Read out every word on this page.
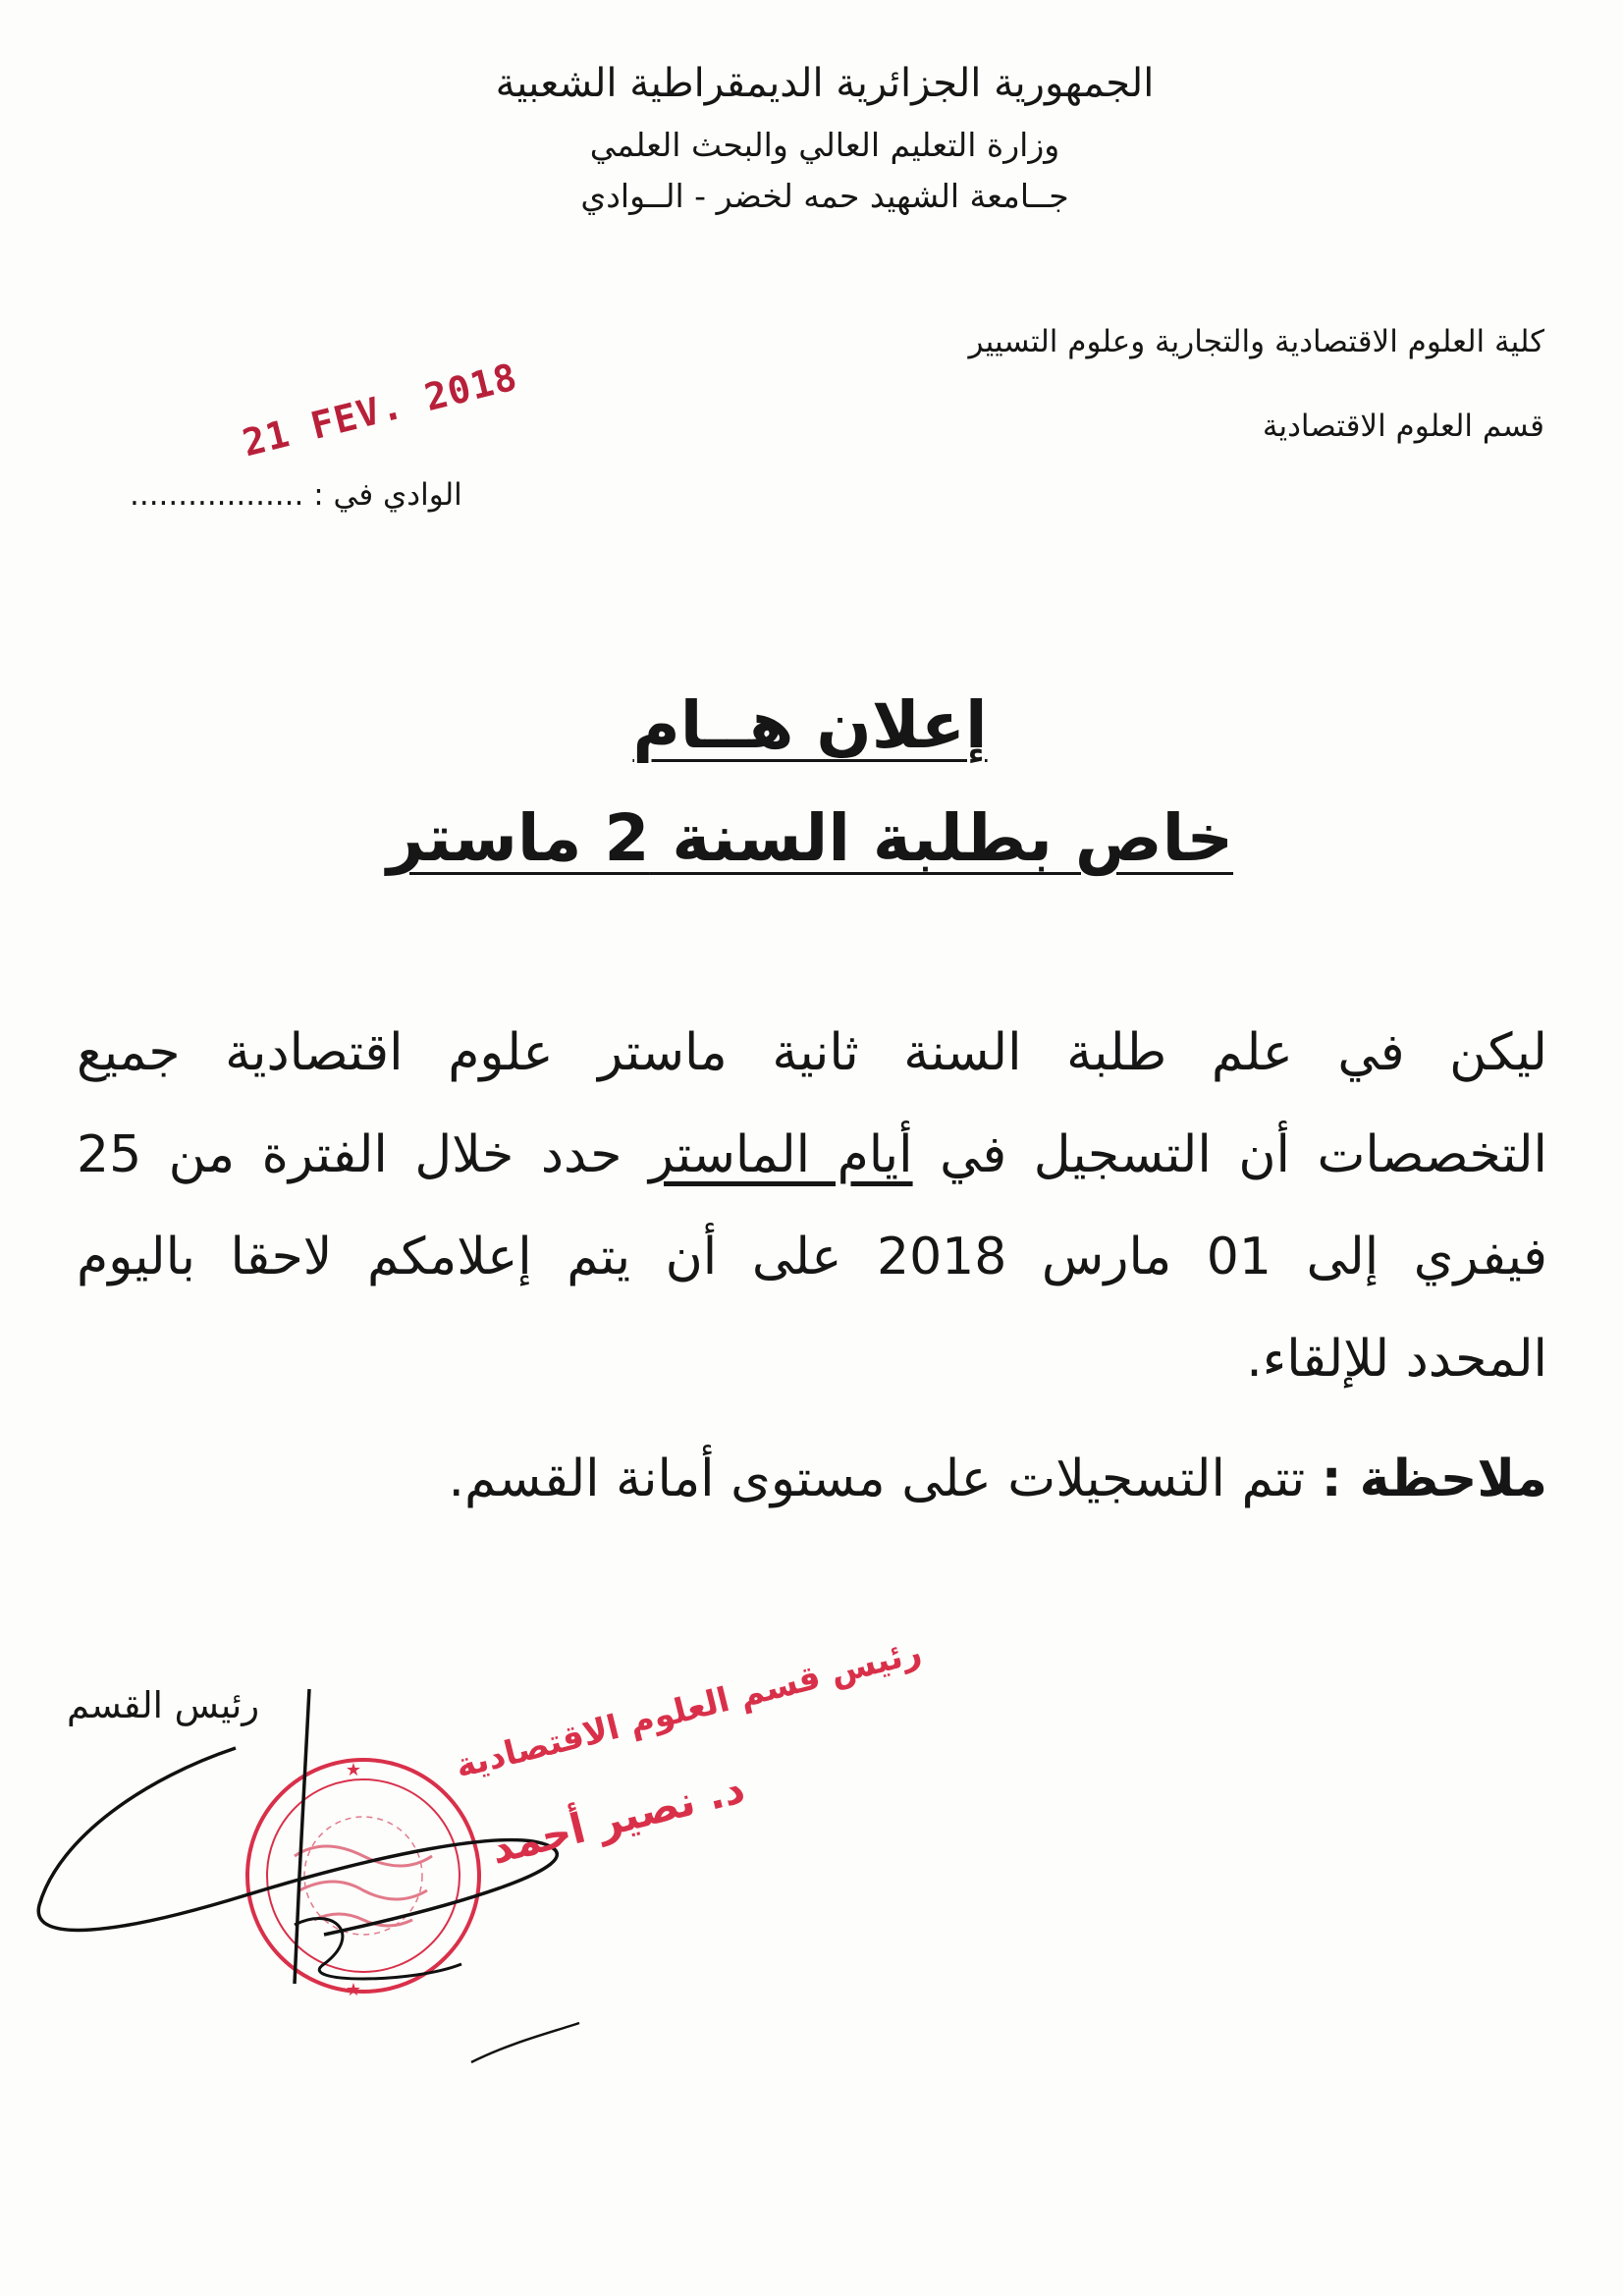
الجمهورية الجزائرية الديمقراطية الشعبية
وزارة التعليم العالي والبحث العلمي
جــامعة الشهيد حمه لخضر - الــوادي
كلية العلوم الاقتصادية والتجارية وعلوم التسيير
قسم العلوم الاقتصادية
21 FEV. 2018
الوادي في : ..................
إعلان هــام
خاص بطلبة السنة 2 ماستر
ليكن في علم طلبة السنة ثانية ماستر علوم اقتصادية جميع
التخصصات أن التسجيل في أيام الماستر حدد خلال الفترة من 25
فيفري إلى 01 مارس 2018 على أن يتم إعلامكم لاحقا باليوم
المحدد للإلقاء.
ملاحظة : تتم التسجيلات على مستوى أمانة القسم.
رئيس القسم
★
★
رئيس قسم العلوم الاقتصادية
د. نصير أحمد
